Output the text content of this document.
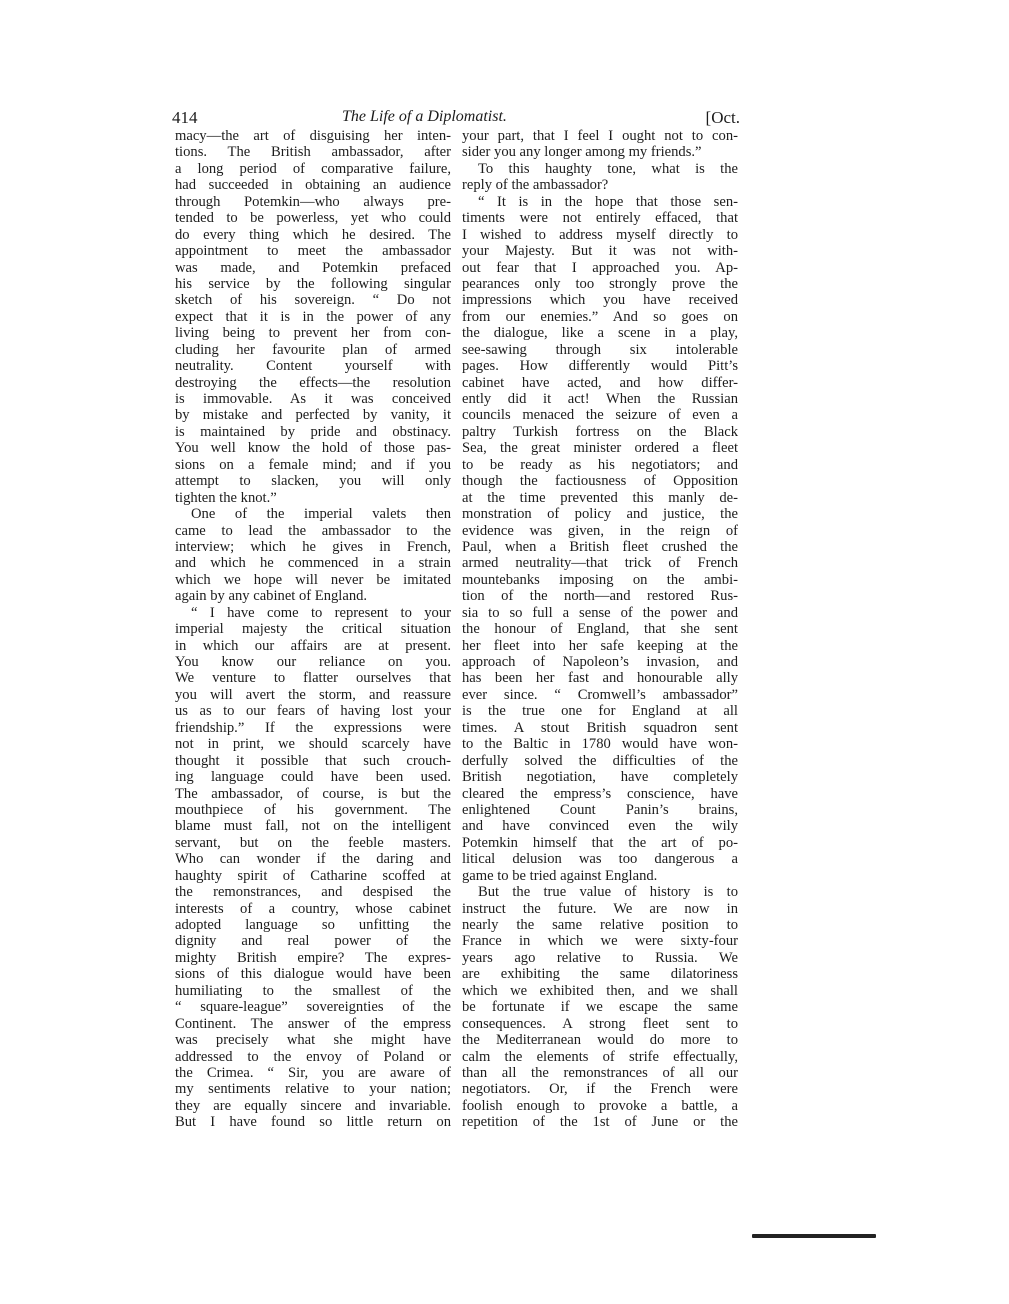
414	The Life of a Diplomatist.	[Oct.
macy—the art of disguising her inten-
tions. The British ambassador, after
a long period of comparative failure,
had succeeded in obtaining an audience
through Potemkin—who always pre-
tended to be powerless, yet who could
do every thing which he desired. The
appointment to meet the ambassador
was made, and Potemkin prefaced
his service by the following singular
sketch of his sovereign. “ Do not
expect that it is in the power of any
living being to prevent her from con-
cluding her favourite plan of armed
neutrality. Content yourself with
destroying the effects—the resolution
is immovable. As it was conceived
by mistake and perfected by vanity, it
is maintained by pride and obstinacy.
You well know the hold of those pas-
sions on a female mind; and if you
attempt to slacken, you will only
tighten the knot.”
One of the imperial valets then
came to lead the ambassador to the
interview; which he gives in French,
and which he commenced in a strain
which we hope will never be imitated
again by any cabinet of England.
“ I have come to represent to your
imperial majesty the critical situation
in which our affairs are at present.
You know our reliance on you.
We venture to flatter ourselves that
you will avert the storm, and reassure
us as to our fears of having lost your
friendship.” If the expressions were
not in print, we should scarcely have
thought it possible that such crouch-
ing language could have been used.
The ambassador, of course, is but the
mouthpiece of his government. The
blame must fall, not on the intelligent
servant, but on the feeble masters.
Who can wonder if the daring and
haughty spirit of Catharine scoffed at
the remonstrances, and despised the
interests of a country, whose cabinet
adopted language so unfitting the
dignity and real power of the
mighty British empire? The expres-
sions of this dialogue would have been
humiliating to the smallest of the
“ square-league” sovereignties of the
Continent. The answer of the empress
was precisely what she might have
addressed to the envoy of Poland or
the Crimea. “ Sir, you are aware of
my sentiments relative to your nation;
they are equally sincere and invariable.
But I have found so little return on
your part, that I feel I ought not to con-
sider you any longer among my friends.”
To this haughty tone, what is the
reply of the ambassador?
“ It is in the hope that those sen-
timents were not entirely effaced, that
I wished to address myself directly to
your Majesty. But it was not with-
out fear that I approached you. Ap-
pearances only too strongly prove the
impressions which you have received
from our enemies.” And so goes on
the dialogue, like a scene in a play,
see-sawing through six intolerable
pages. How differently would Pitt’s
cabinet have acted, and how differ-
ently did it act! When the Russian
councils menaced the seizure of even a
paltry Turkish fortress on the Black
Sea, the great minister ordered a fleet
to be ready as his negotiators; and
though the factiousness of Opposition
at the time prevented this manly de-
monstration of policy and justice, the
evidence was given, in the reign of
Paul, when a British fleet crushed the
armed neutrality—that trick of French
mountebanks imposing on the ambi-
tion of the north—and restored Rus-
sia to so full a sense of the power and
the honour of England, that she sent
her fleet into her safe keeping at the
approach of Napoleon’s invasion, and
has been her fast and honourable ally
ever since. “ Cromwell’s ambassador”
is the true one for England at all
times. A stout British squadron sent
to the Baltic in 1780 would have won-
derfully solved the difficulties of the
British negotiation, have completely
cleared the empress’s conscience, have
enlightened Count Panin’s brains,
and have convinced even the wily
Potemkin himself that the art of po-
litical delusion was too dangerous a
game to be tried against England.
But the true value of history is to
instruct the future. We are now in
nearly the same relative position to
France in which we were sixty-four
years ago relative to Russia. We
are exhibiting the same dilatoriness
which we exhibited then, and we shall
be fortunate if we escape the same
consequences. A strong fleet sent to
the Mediterranean would do more to
calm the elements of strife effectually,
than all the remonstrances of all our
negotiators. Or, if the French were
foolish enough to provoke a battle, a
repetition of the 1st of June or the
